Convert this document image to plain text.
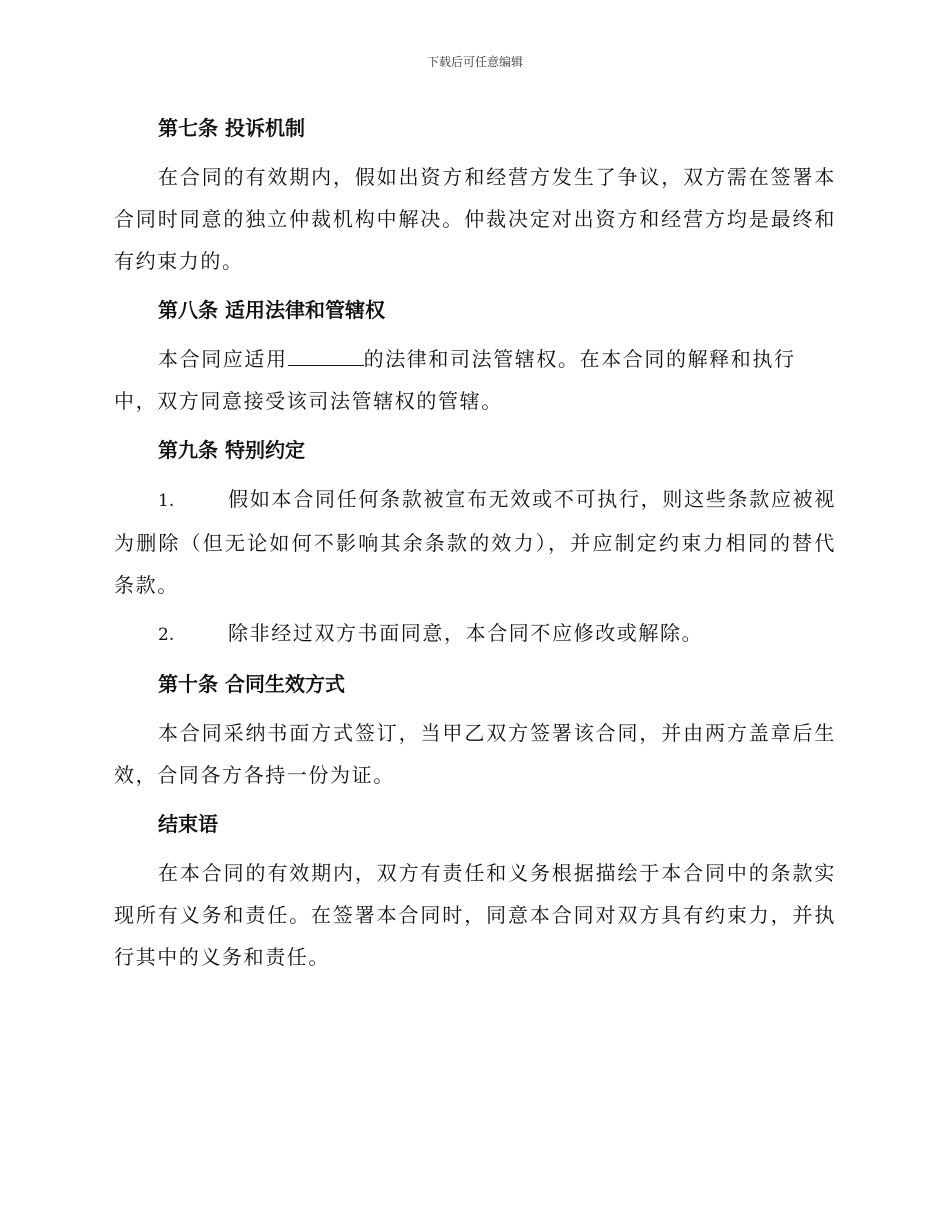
下载后可任意编辑

第七条 投诉机制

在合同的有效期内，假如出资方和经营方发生了争议，双方需在签署本合同时同意的独立仲裁机构中解决。仲裁决定对出资方和经营方均是最终和有约束力的。

第八条 适用法律和管辖权

本合同应适用	的法律和司法管辖权。在本合同的解释和执行
中，双方同意接受该司法管辖权的管辖。

第九条 特别约定

1.	假如本合同任何条款被宣布无效或不可执行，则这些条款应被视为删除（但无论如何不影响其余条款的效力），并应制定约束力相同的替代条款。
2.	除非经过双方书面同意，本合同不应修改或解除。

第十条 合同生效方式

本合同采纳书面方式签订，当甲乙双方签署该合同，并由两方盖章后生效，合同各方各持一份为证。

结束语

在本合同的有效期内，双方有责任和义务根据描绘于本合同中的条款实现所有义务和责任。在签署本合同时，同意本合同对双方具有约束力，并执行其中的义务和责任。
